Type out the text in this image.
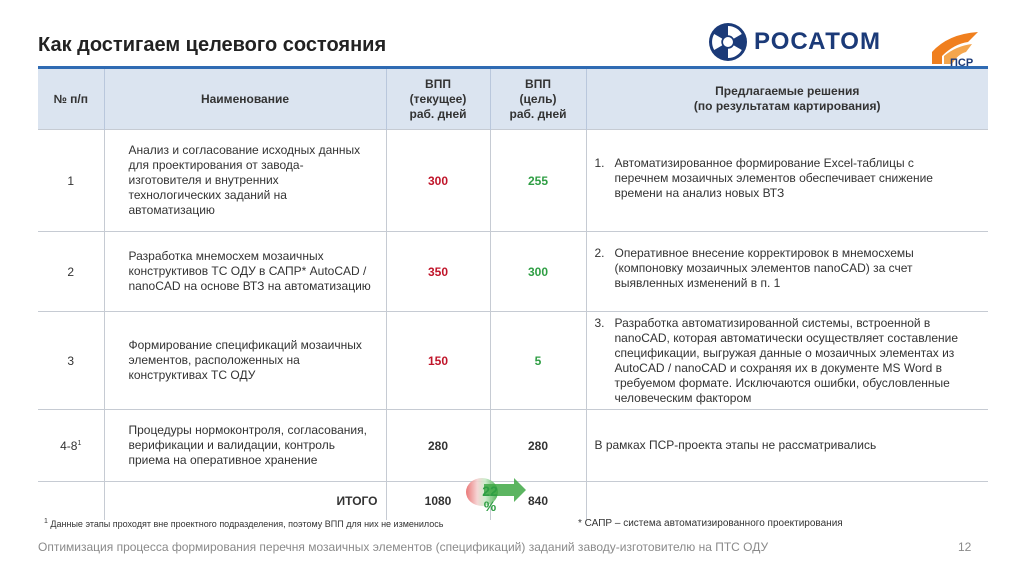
Как достигаем целевого состояния	РОСАТОМ
ПСР
№ п/п	Наименование	ВПП
(текущее)
раб. дней	ВПП
(цель)
раб. дней	Предлагаемые решения
(по результатам картирования)
1	Анализ и согласование исходных данных для проектирования от завода-изготовителя и внутренних технологических заданий на автоматизацию	300	255	1. Автоматизированное формирование Excel-таблицы с перечнем мозаичных элементов обеспечивает снижение времени на анализ новых ВТЗ

2	Разработка мнемосхем мозаичных конструктивов ТС ОДУ в САПР* AutoCAD / nanoCAD на основе ВТЗ на автоматизацию	350	300	2. Оперативное внесение корректировок в мнемосхемы (компоновку мозаичных элементов nanoCAD) за счет выявленных изменений в п. 1

3	Формирование спецификаций мозаичных элементов, расположенных на конструктивах ТС ОДУ	150	5	3. Разработка автоматизированной системы, встроенной в nanoCAD, которая автоматически осуществляет составление спецификации, выгружая данные о мозаичных элементах из AutoCAD / nanoCAD и сохраняя их в документе MS Word в требуемом формате. Исключаются ошибки, обусловленные человеческим фактором

$4-8^1$	Процедуры нормоконтроля, согласования, верификации и валидации, контроль приема на оперативное хранение	280	280	В рамках ПСР-проекта этапы не рассматривались

	ИТОГО	1080	840	
22
%
$^1$ Данные этапы проходят вне проектного подразделения, поэтому ВПП для них не изменилось	* САПР – система автоматизированного проектирования
Оптимизация процесса формирования перечня мозаичных элементов (спецификаций) заданий заводу-изготовителю на ПТС ОДУ	12
